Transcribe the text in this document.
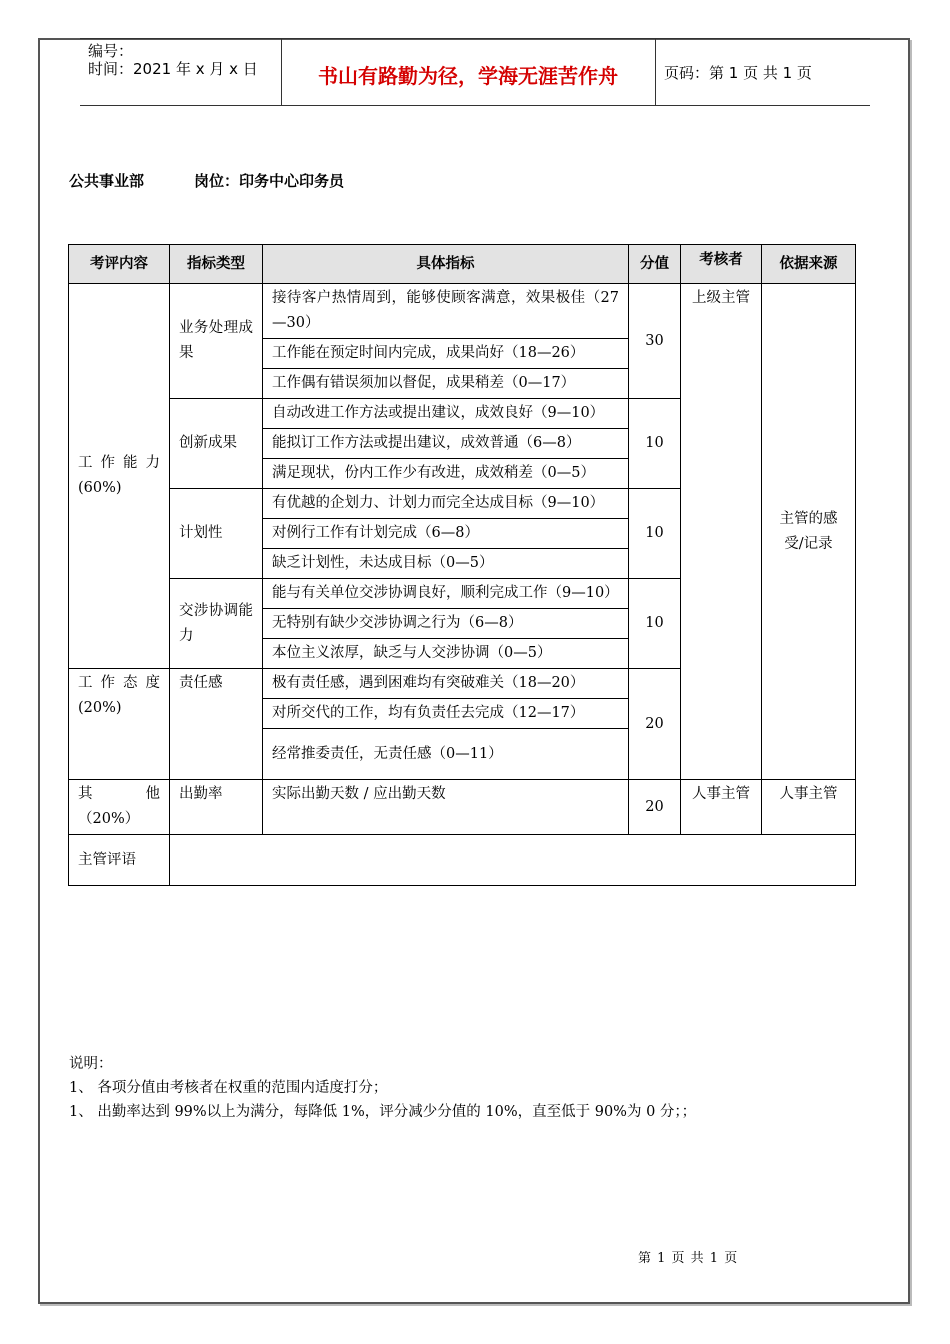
编号：
时间：2021 年 x 月 x 日	书山有路勤为径，学海无涯苦作舟	页码：第 1 页 共 1 页
公共事业部	岗位：印务中心印务员
考评内容	指标类型	具体指标	分值	考核者	依据来源
工 作 能 力 (60%)	业务处理成果	接待客户热情周到，能够使顾客满意，效果极佳（27—30）	30	上级主管	主管的感受/记录
		工作能在预定时间内完成，成果尚好（18—26）			
		工作偶有错误须加以督促，成果稍差（0—17）			
	创新成果	自动改进工作方法或提出建议，成效良好（9—10）	10		
		能拟订工作方法或提出建议，成效普通（6—8）			
		满足现状，份内工作少有改进，成效稍差（0—5）			
	计划性	有优越的企划力、计划力而完全达成目标（9—10）	10		
		对例行工作有计划完成（6—8）			
		缺乏计划性，未达成目标（0—5）			
	交涉协调能力	能与有关单位交涉协调良好，顺利完成工作（9—10）	10		
		无特别有缺少交涉协调之行为（6—8）			
		本位主义浓厚，缺乏与人交涉协调（0—5）			
工 作 态 度 (20%)	责任感	极有责任感，遇到困难均有突破难关（18—20）	20		
		对所交代的工作，均有负责任去完成（12—17）			
		经常推委责任，无责任感（0—11）			
其 他 （20%）	出勤率	实际出勤天数 / 应出勤天数	20	人事主管	人事主管
主管评语					
说明：
1、 各项分值由考核者在权重的范围内适度打分；
1、 出勤率达到 99%以上为满分，每降低 1%，评分减少分值的 10%，直至低于 90%为 0 分；；
第 1 页 共 1 页
